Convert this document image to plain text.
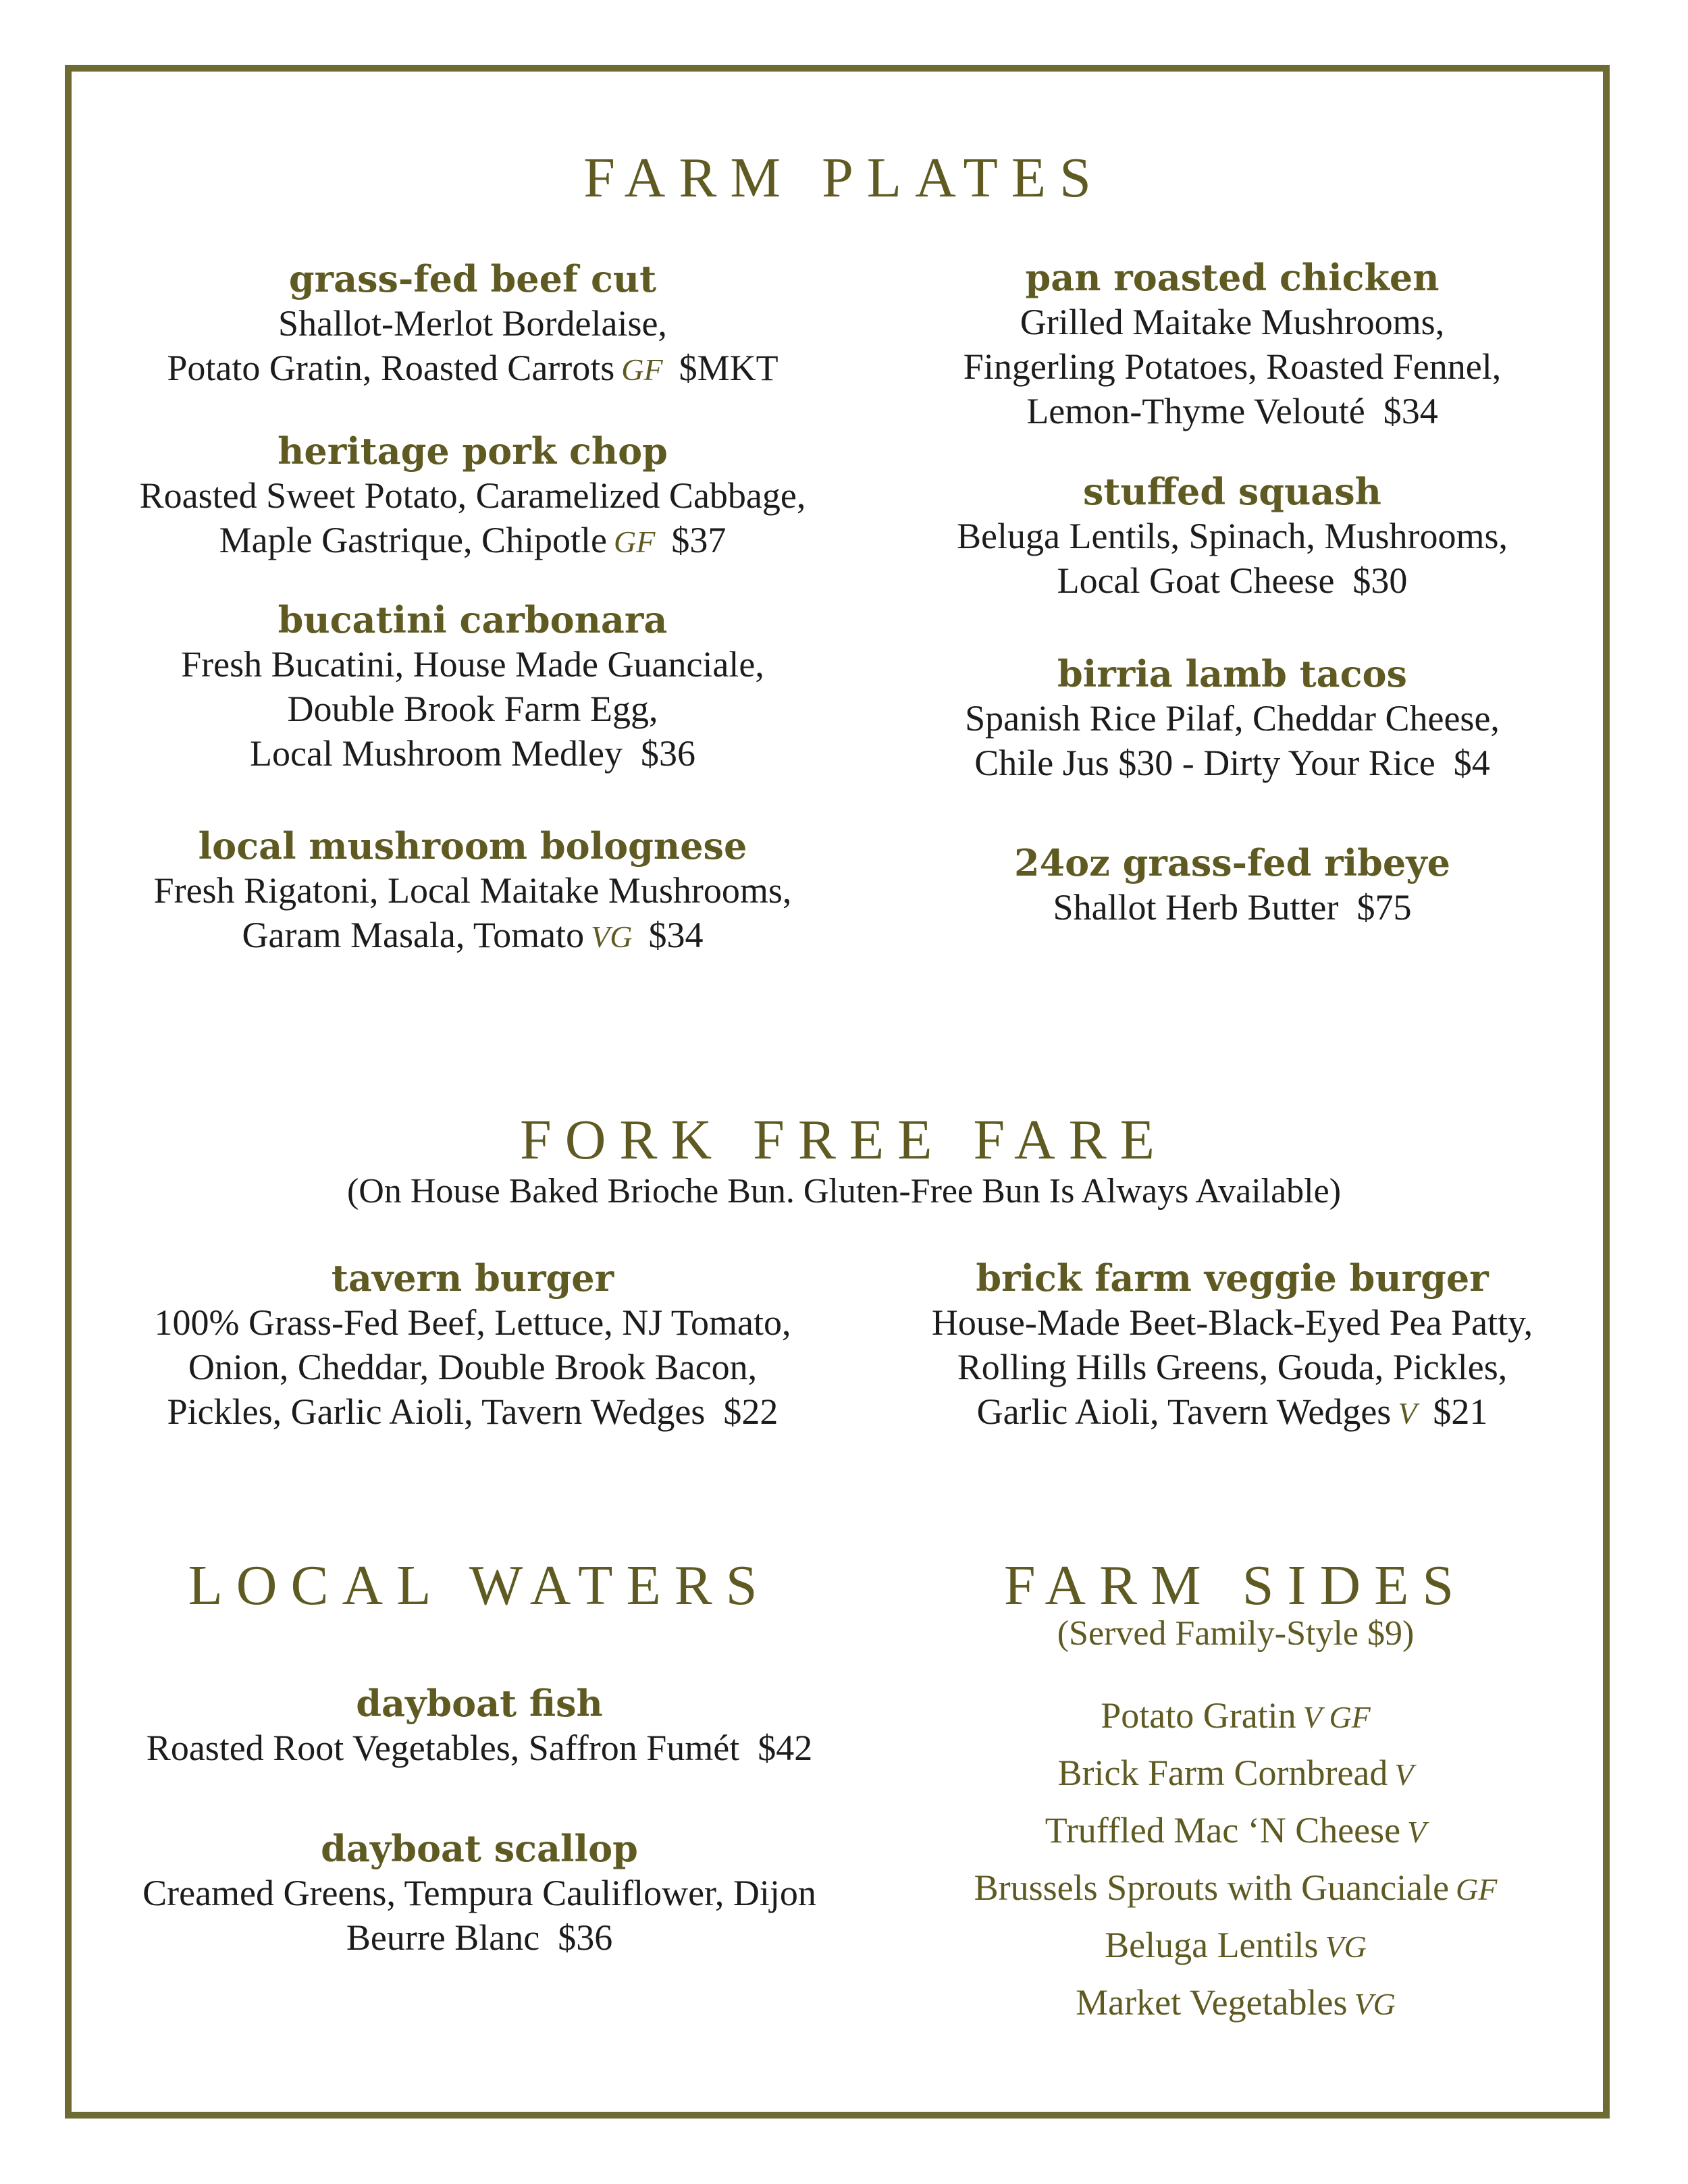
FARM PLATES
grass-fed beef cut
Shallot-Merlot Bordelaise,
Potato Gratin, Roasted Carrots GF $MKT
heritage pork chop
Roasted Sweet Potato, Caramelized Cabbage,
Maple Gastrique, Chipotle GF $37
bucatini carbonara
Fresh Bucatini, House Made Guanciale,
Double Brook Farm Egg,
Local Mushroom Medley $36
local mushroom bolognese
Fresh Rigatoni, Local Maitake Mushrooms,
Garam Masala, Tomato VG $34
pan roasted chicken
Grilled Maitake Mushrooms,
Fingerling Potatoes, Roasted Fennel,
Lemon-Thyme Velouté $34
stuffed squash
Beluga Lentils, Spinach, Mushrooms,
Local Goat Cheese $30
birria lamb tacos
Spanish Rice Pilaf, Cheddar Cheese,
Chile Jus $30 - Dirty Your Rice $4
24oz grass-fed ribeye
Shallot Herb Butter $75
FORK FREE FARE
(On House Baked Brioche Bun. Gluten-Free Bun Is Always Available)
tavern burger
100% Grass-Fed Beef, Lettuce, NJ Tomato,
Onion, Cheddar, Double Brook Bacon,
Pickles, Garlic Aioli, Tavern Wedges $22
brick farm veggie burger
House-Made Beet-Black-Eyed Pea Patty,
Rolling Hills Greens, Gouda, Pickles,
Garlic Aioli, Tavern Wedges V $21
LOCAL WATERS
dayboat fish
Roasted Root Vegetables, Saffron Fumét $42
dayboat scallop
Creamed Greens, Tempura Cauliflower, Dijon
Beurre Blanc $36
FARM SIDES
(Served Family-Style $9)
Potato Gratin V GF
Brick Farm Cornbread V
Truffled Mac ‘N Cheese V
Brussels Sprouts with Guanciale GF
Beluga Lentils VG
Market Vegetables VG
